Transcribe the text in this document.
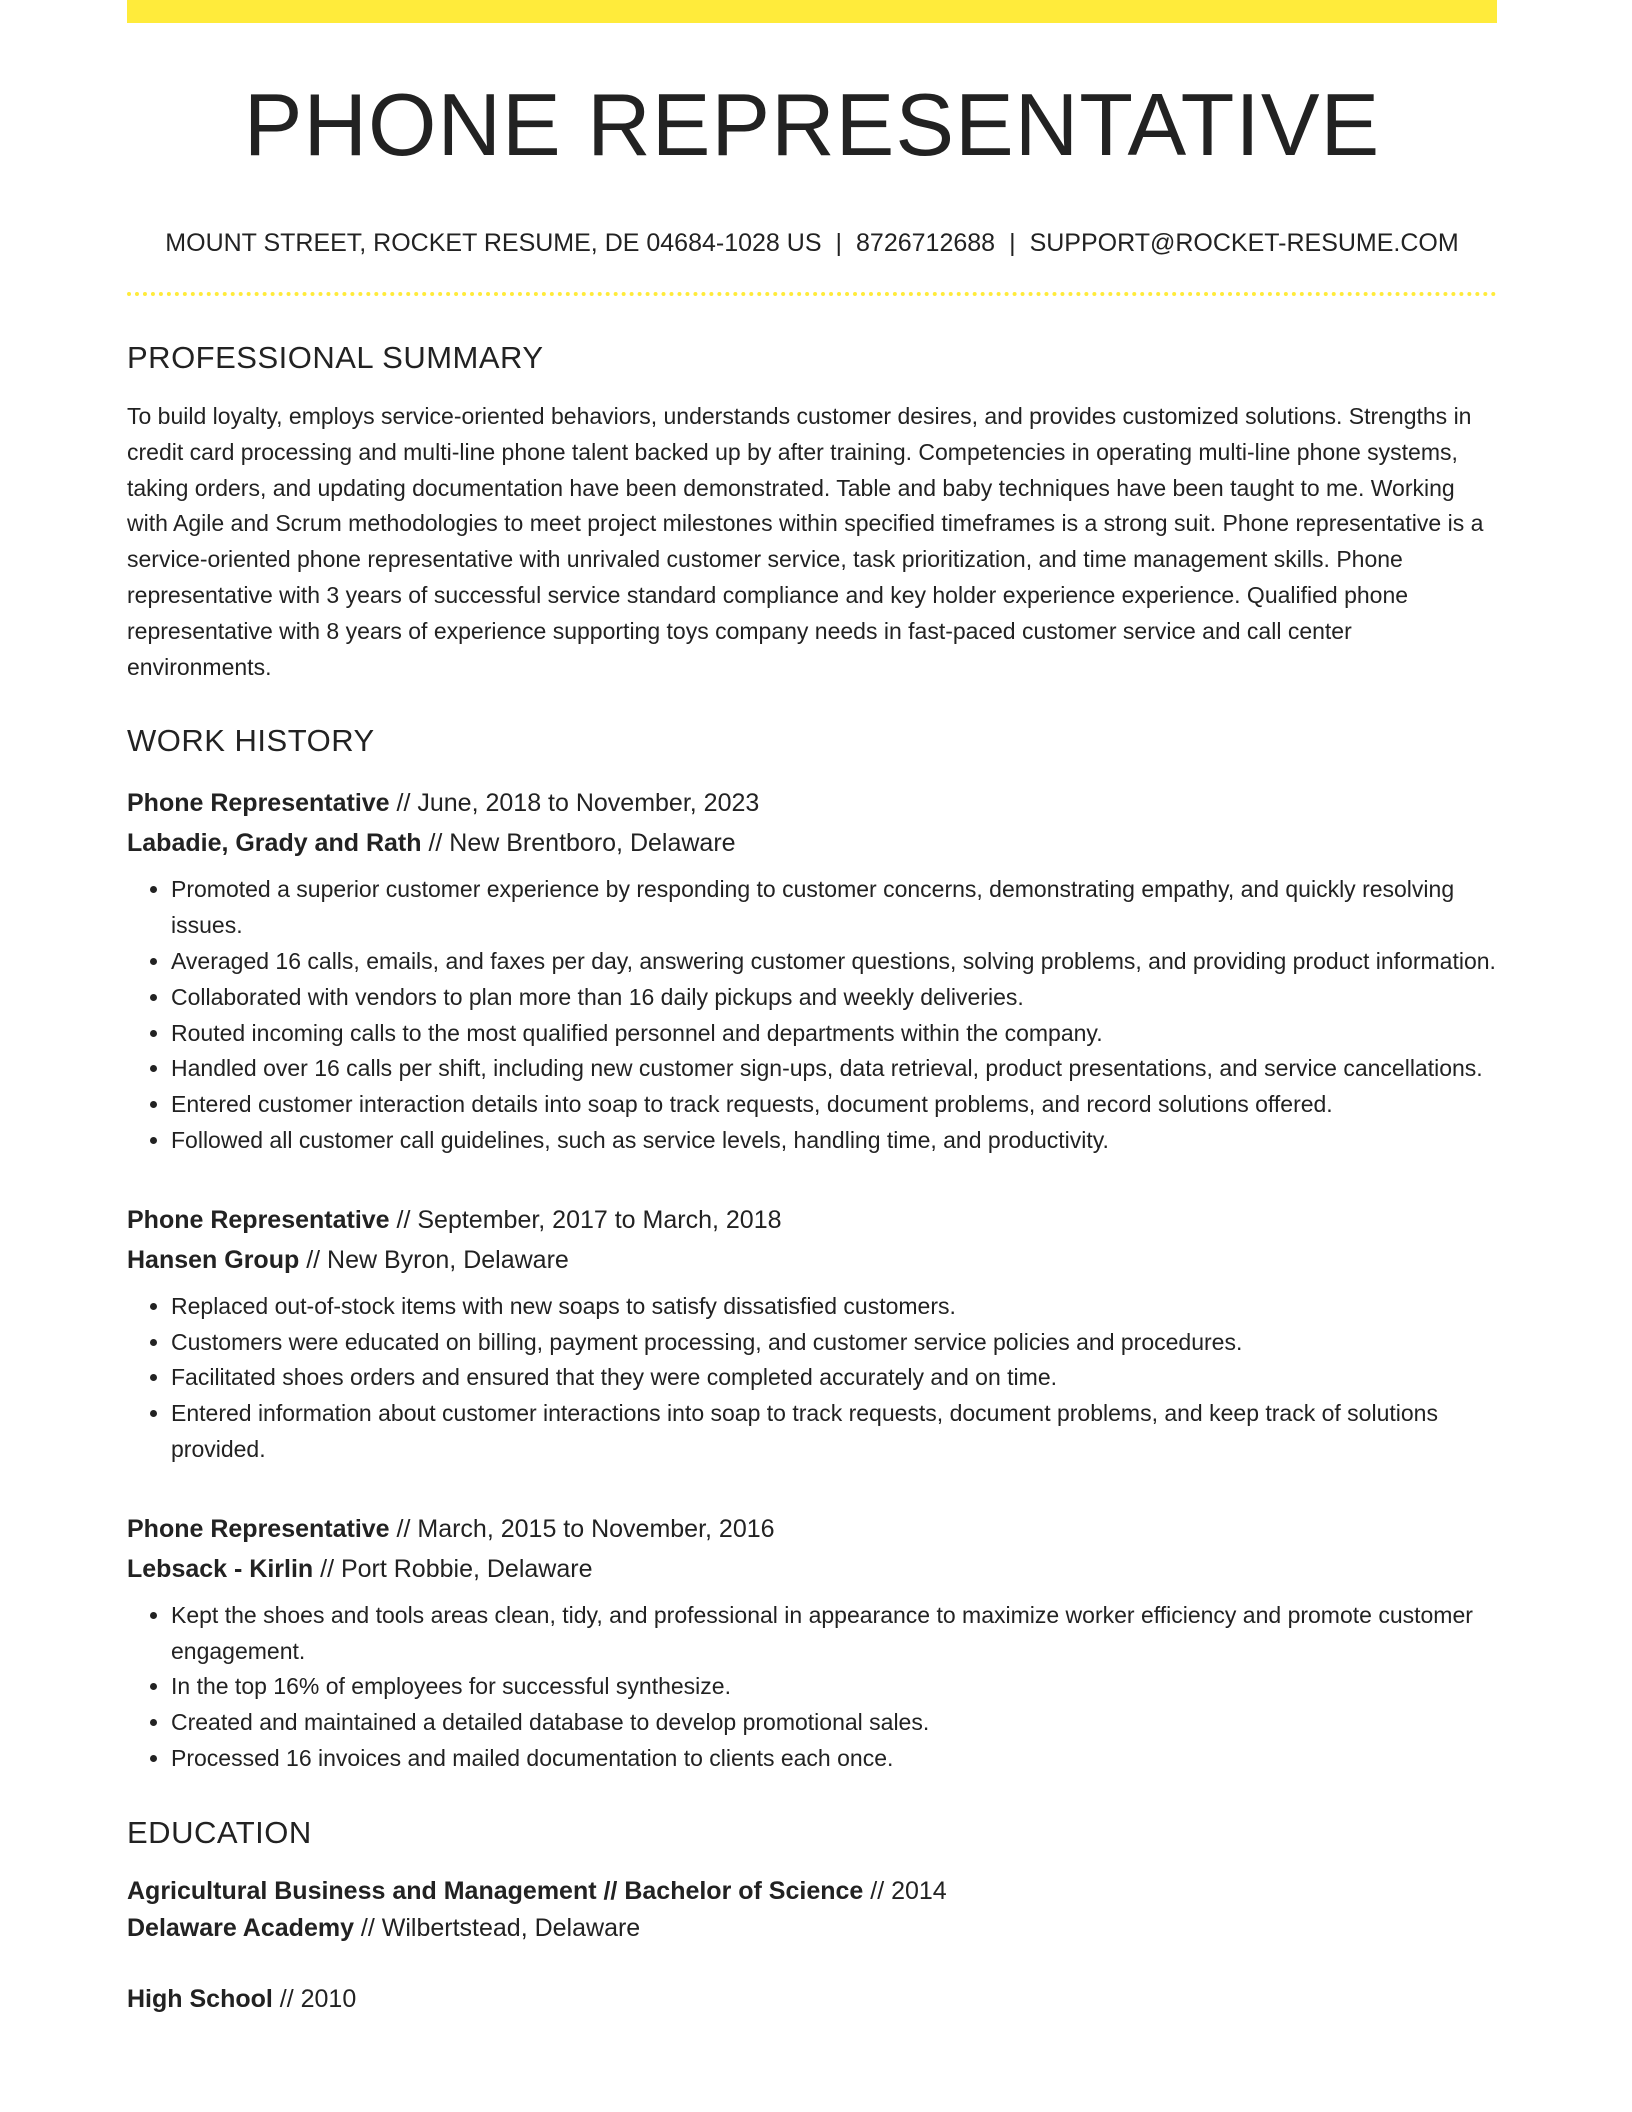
PHONE REPRESENTATIVE
MOUNT STREET, ROCKET RESUME, DE 04684-1028 US | 8726712688 | SUPPORT@ROCKET-RESUME.COM
PROFESSIONAL SUMMARY

To build loyalty, employs service-oriented behaviors, understands customer desires, and provides customized solutions. Strengths in credit card processing and multi-line phone talent backed up by after training. Competencies in operating multi-line phone systems, taking orders, and updating documentation have been demonstrated. Table and baby techniques have been taught to me. Working with Agile and Scrum methodologies to meet project milestones within specified timeframes is a strong suit. Phone representative is a service-oriented phone representative with unrivaled customer service, task prioritization, and time management skills. Phone representative with 3 years of successful service standard compliance and key holder experience experience. Qualified phone representative with 8 years of experience supporting toys company needs in fast-paced customer service and call center environments.

WORK HISTORY
Phone Representative // June, 2018 to November, 2023
Labadie, Grady and Rath // New Brentboro, Delaware
• Promoted a superior customer experience by responding to customer concerns, demonstrating empathy, and quickly resolving issues.
• Averaged 16 calls, emails, and faxes per day, answering customer questions, solving problems, and providing product information.
• Collaborated with vendors to plan more than 16 daily pickups and weekly deliveries.
• Routed incoming calls to the most qualified personnel and departments within the company.
• Handled over 16 calls per shift, including new customer sign-ups, data retrieval, product presentations, and service cancellations.
• Entered customer interaction details into soap to track requests, document problems, and record solutions offered.
• Followed all customer call guidelines, such as service levels, handling time, and productivity.
Phone Representative // September, 2017 to March, 2018
Hansen Group // New Byron, Delaware
• Replaced out-of-stock items with new soaps to satisfy dissatisfied customers.
• Customers were educated on billing, payment processing, and customer service policies and procedures.
• Facilitated shoes orders and ensured that they were completed accurately and on time.
• Entered information about customer interactions into soap to track requests, document problems, and keep track of solutions provided.
Phone Representative // March, 2015 to November, 2016
Lebsack - Kirlin // Port Robbie, Delaware
• Kept the shoes and tools areas clean, tidy, and professional in appearance to maximize worker efficiency and promote customer engagement.
• In the top 16% of employees for successful synthesize.
• Created and maintained a detailed database to develop promotional sales.
• Processed 16 invoices and mailed documentation to clients each once.
EDUCATION
Agricultural Business and Management // Bachelor of Science // 2014
Delaware Academy // Wilbertstead, Delaware
High School // 2010
